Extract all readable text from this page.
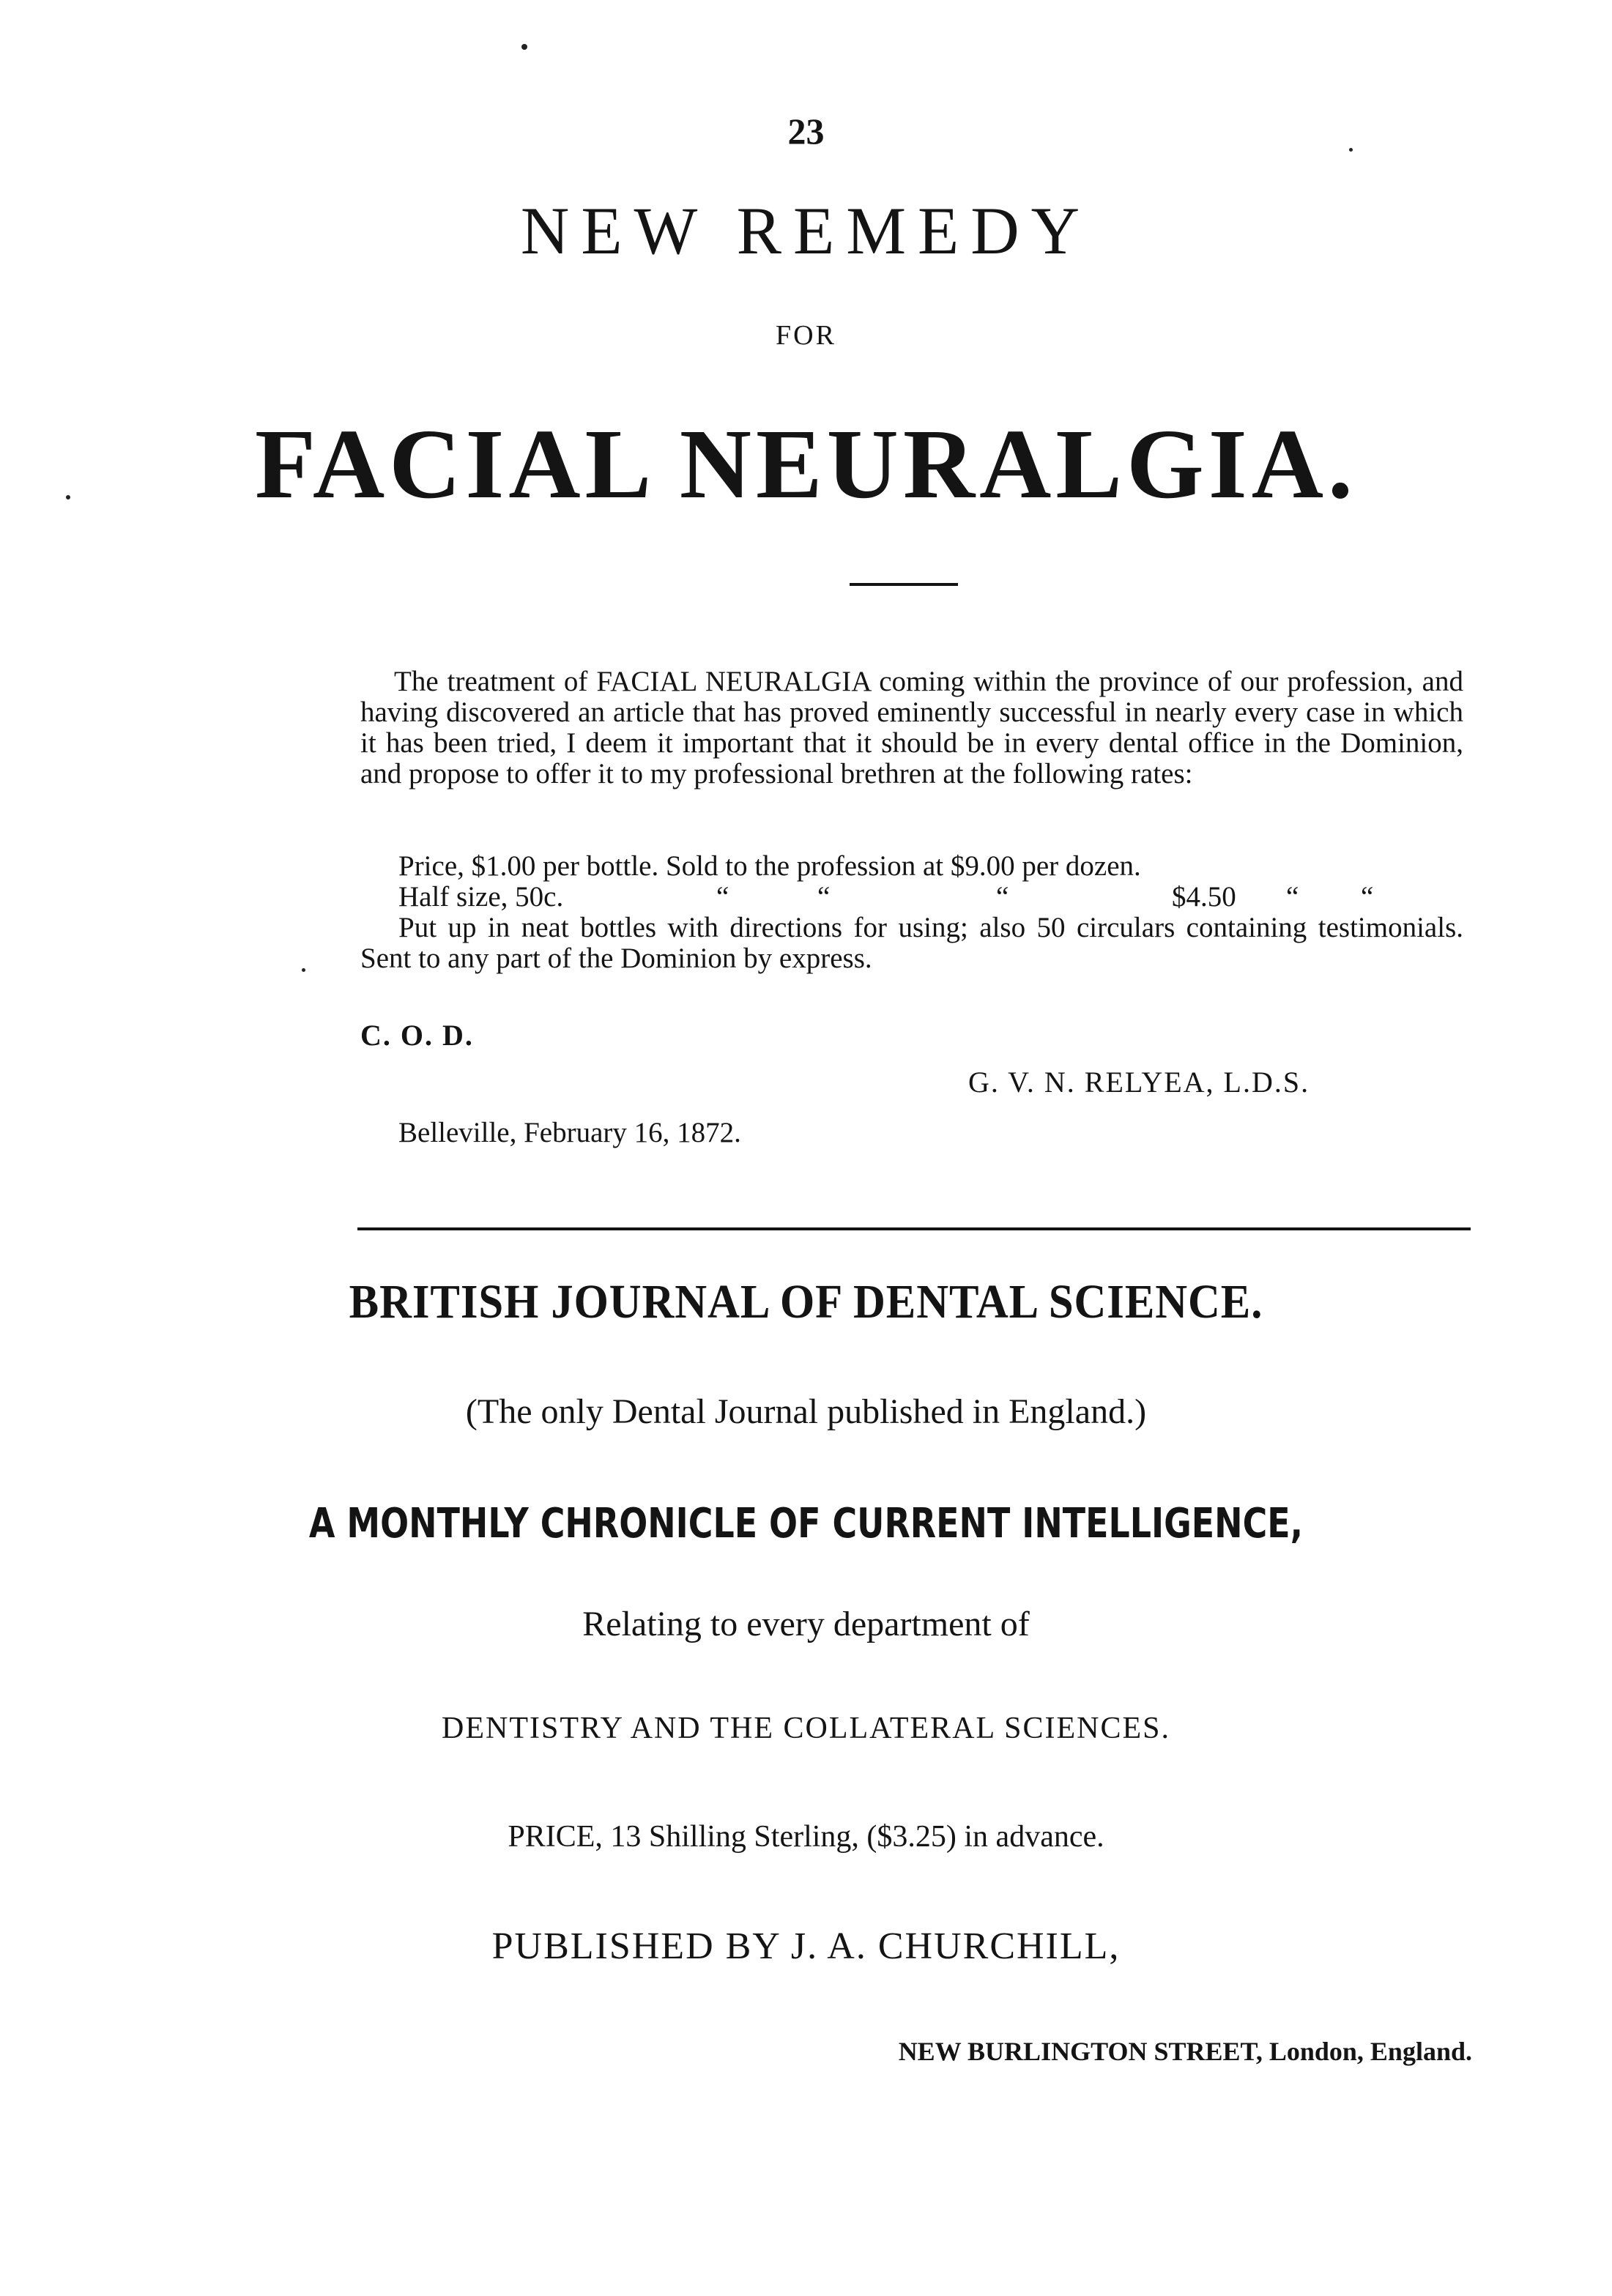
23
NEW REMEDY
FOR
FACIAL NEURALGIA.

The treatment of FACIAL NEURALGIA coming within the province of our profession, and having discovered an article that has proved eminently successful in nearly every case in which it has been tried, I deem it important that it should be in every dental office in the Dominion, and propose to offer it to my professional brethren at the following rates:

Price, $1.00 per bottle. Sold to the profession at $9.00 per dozen.
Half size, 50c.	“	“	“	$4.50 “ “

Put up in neat bottles with directions for using; also 50 circulars containing testimonials. Sent to any part of the Dominion by express.

C. O. D.
G. V. N. RELYEA, L.D.S.
Belleville, February 16, 1872.
BRITISH JOURNAL OF DENTAL SCIENCE.
(The only Dental Journal published in England.)
A MONTHLY CHRONICLE OF CURRENT INTELLIGENCE,
Relating to every department of
DENTISTRY AND THE COLLATERAL SCIENCES.
PRICE, 13 Shilling Sterling, ($3.25) in advance.
PUBLISHED BY J. A. CHURCHILL,
NEW BURLINGTON STREET, London, England.
